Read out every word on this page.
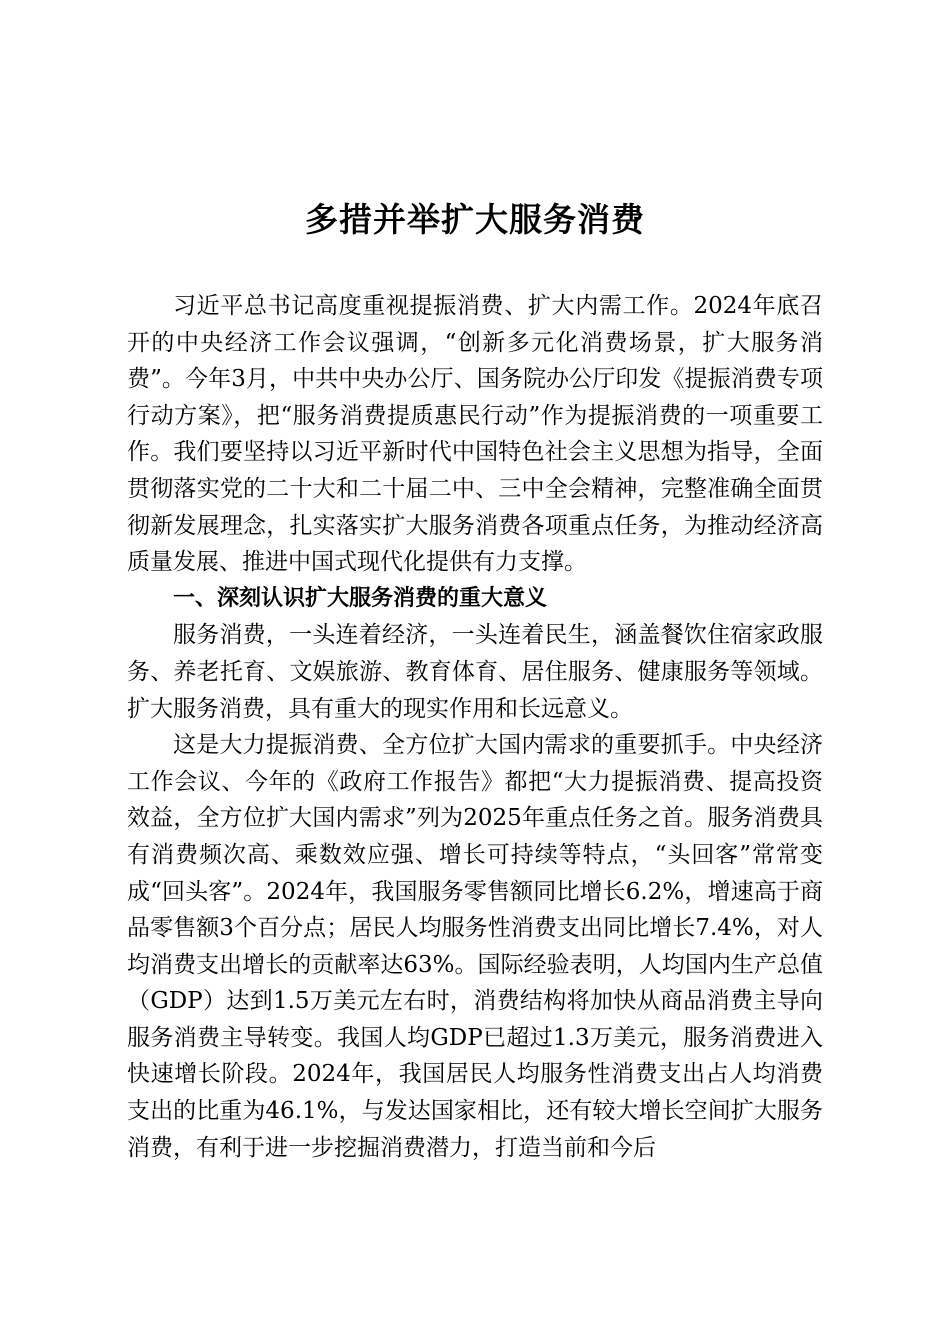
多措并举扩大服务消费

习近平总书记高度重视提振消费、扩大内需工作。2024年底召开的中央经济工作会议强调，“创新多元化消费场景，扩大服务消费”。今年3月，中共中央办公厅、国务院办公厅印发《提振消费专项行动方案》，把“服务消费提质惠民行动”作为提振消费的一项重要工作。我们要坚持以习近平新时代中国特色社会主义思想为指导，全面贯彻落实党的二十大和二十届二中、三中全会精神，完整准确全面贯彻新发展理念，扎实落实扩大服务消费各项重点任务，为推动经济高质量发展、推进中国式现代化提供有力支撑。

一、深刻认识扩大服务消费的重大意义

服务消费，一头连着经济，一头连着民生，涵盖餐饮住宿家政服务、养老托育、文娱旅游、教育体育、居住服务、健康服务等领域。扩大服务消费，具有重大的现实作用和长远意义。

这是大力提振消费、全方位扩大国内需求的重要抓手。中央经济工作会议、今年的《政府工作报告》都把“大力提振消费、提高投资效益，全方位扩大国内需求”列为2025年重点任务之首。服务消费具有消费频次高、乘数效应强、增长可持续等特点，“头回客”常常变成“回头客”。2024年，我国服务零售额同比增长6.2%，增速高于商品零售额3个百分点；居民人均服务性消费支出同比增长7.4%，对人均消费支出增长的贡献率达63%。国际经验表明，人均国内生产总值（GDP）达到1.5万美元左右时，消费结构将加快从商品消费主导向服务消费主导转变。我国人均GDP已超过1.3万美元，服务消费进入快速增长阶段。2024年，我国居民人均服务性消费支出占人均消费支出的比重为46.1%，与发达国家相比，还有较大增长空间扩大服务消费，有利于进一步挖掘消费潜力，打造当前和今后
